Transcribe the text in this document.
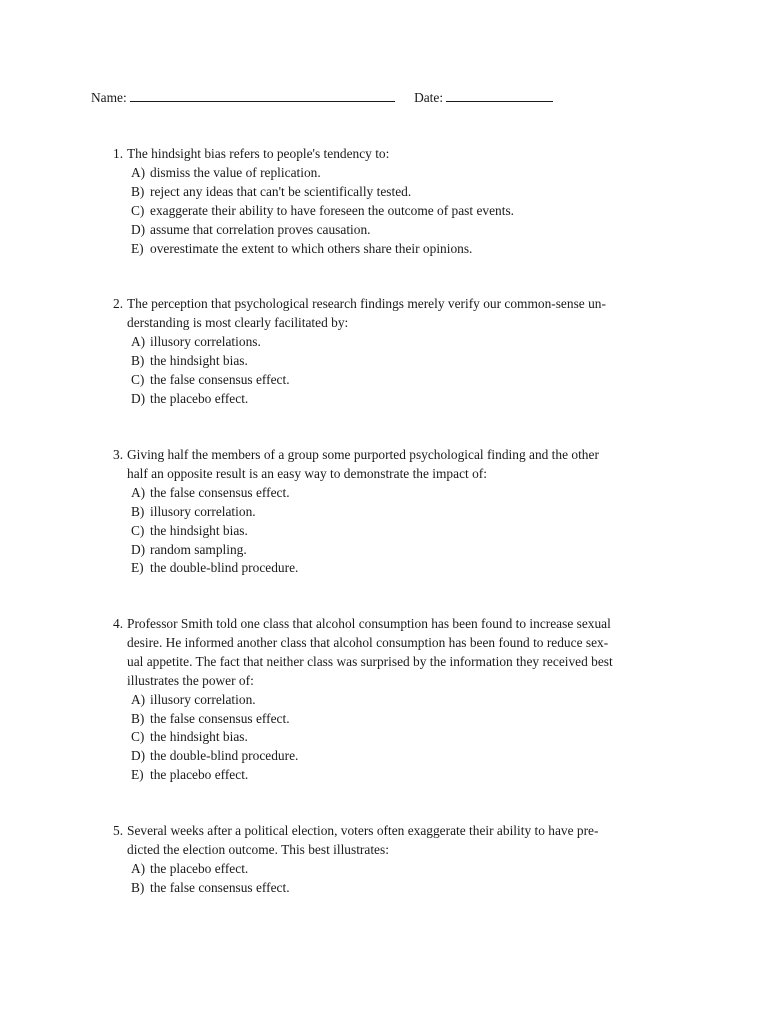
Name:	Date:
1. The hindsight bias refers to people's tendency to:
A) dismiss the value of replication.
B) reject any ideas that can't be scientifically tested.
C) exaggerate their ability to have foreseen the outcome of past events.
D) assume that correlation proves causation.
E) overestimate the extent to which others share their opinions.
2. The perception that psychological research findings merely verify our common-sense un-
derstanding is most clearly facilitated by:
A) illusory correlations.
B) the hindsight bias.
C) the false consensus effect.
D) the placebo effect.
3. Giving half the members of a group some purported psychological finding and the other
half an opposite result is an easy way to demonstrate the impact of:
A) the false consensus effect.
B) illusory correlation.
C) the hindsight bias.
D) random sampling.
E) the double-blind procedure.
4. Professor Smith told one class that alcohol consumption has been found to increase sexual
desire. He informed another class that alcohol consumption has been found to reduce sex-
ual appetite. The fact that neither class was surprised by the information they received best
illustrates the power of:
A) illusory correlation.
B) the false consensus effect.
C) the hindsight bias.
D) the double-blind procedure.
E) the placebo effect.
5. Several weeks after a political election, voters often exaggerate their ability to have pre-
dicted the election outcome. This best illustrates:
A) the placebo effect.
B) the false consensus effect.
